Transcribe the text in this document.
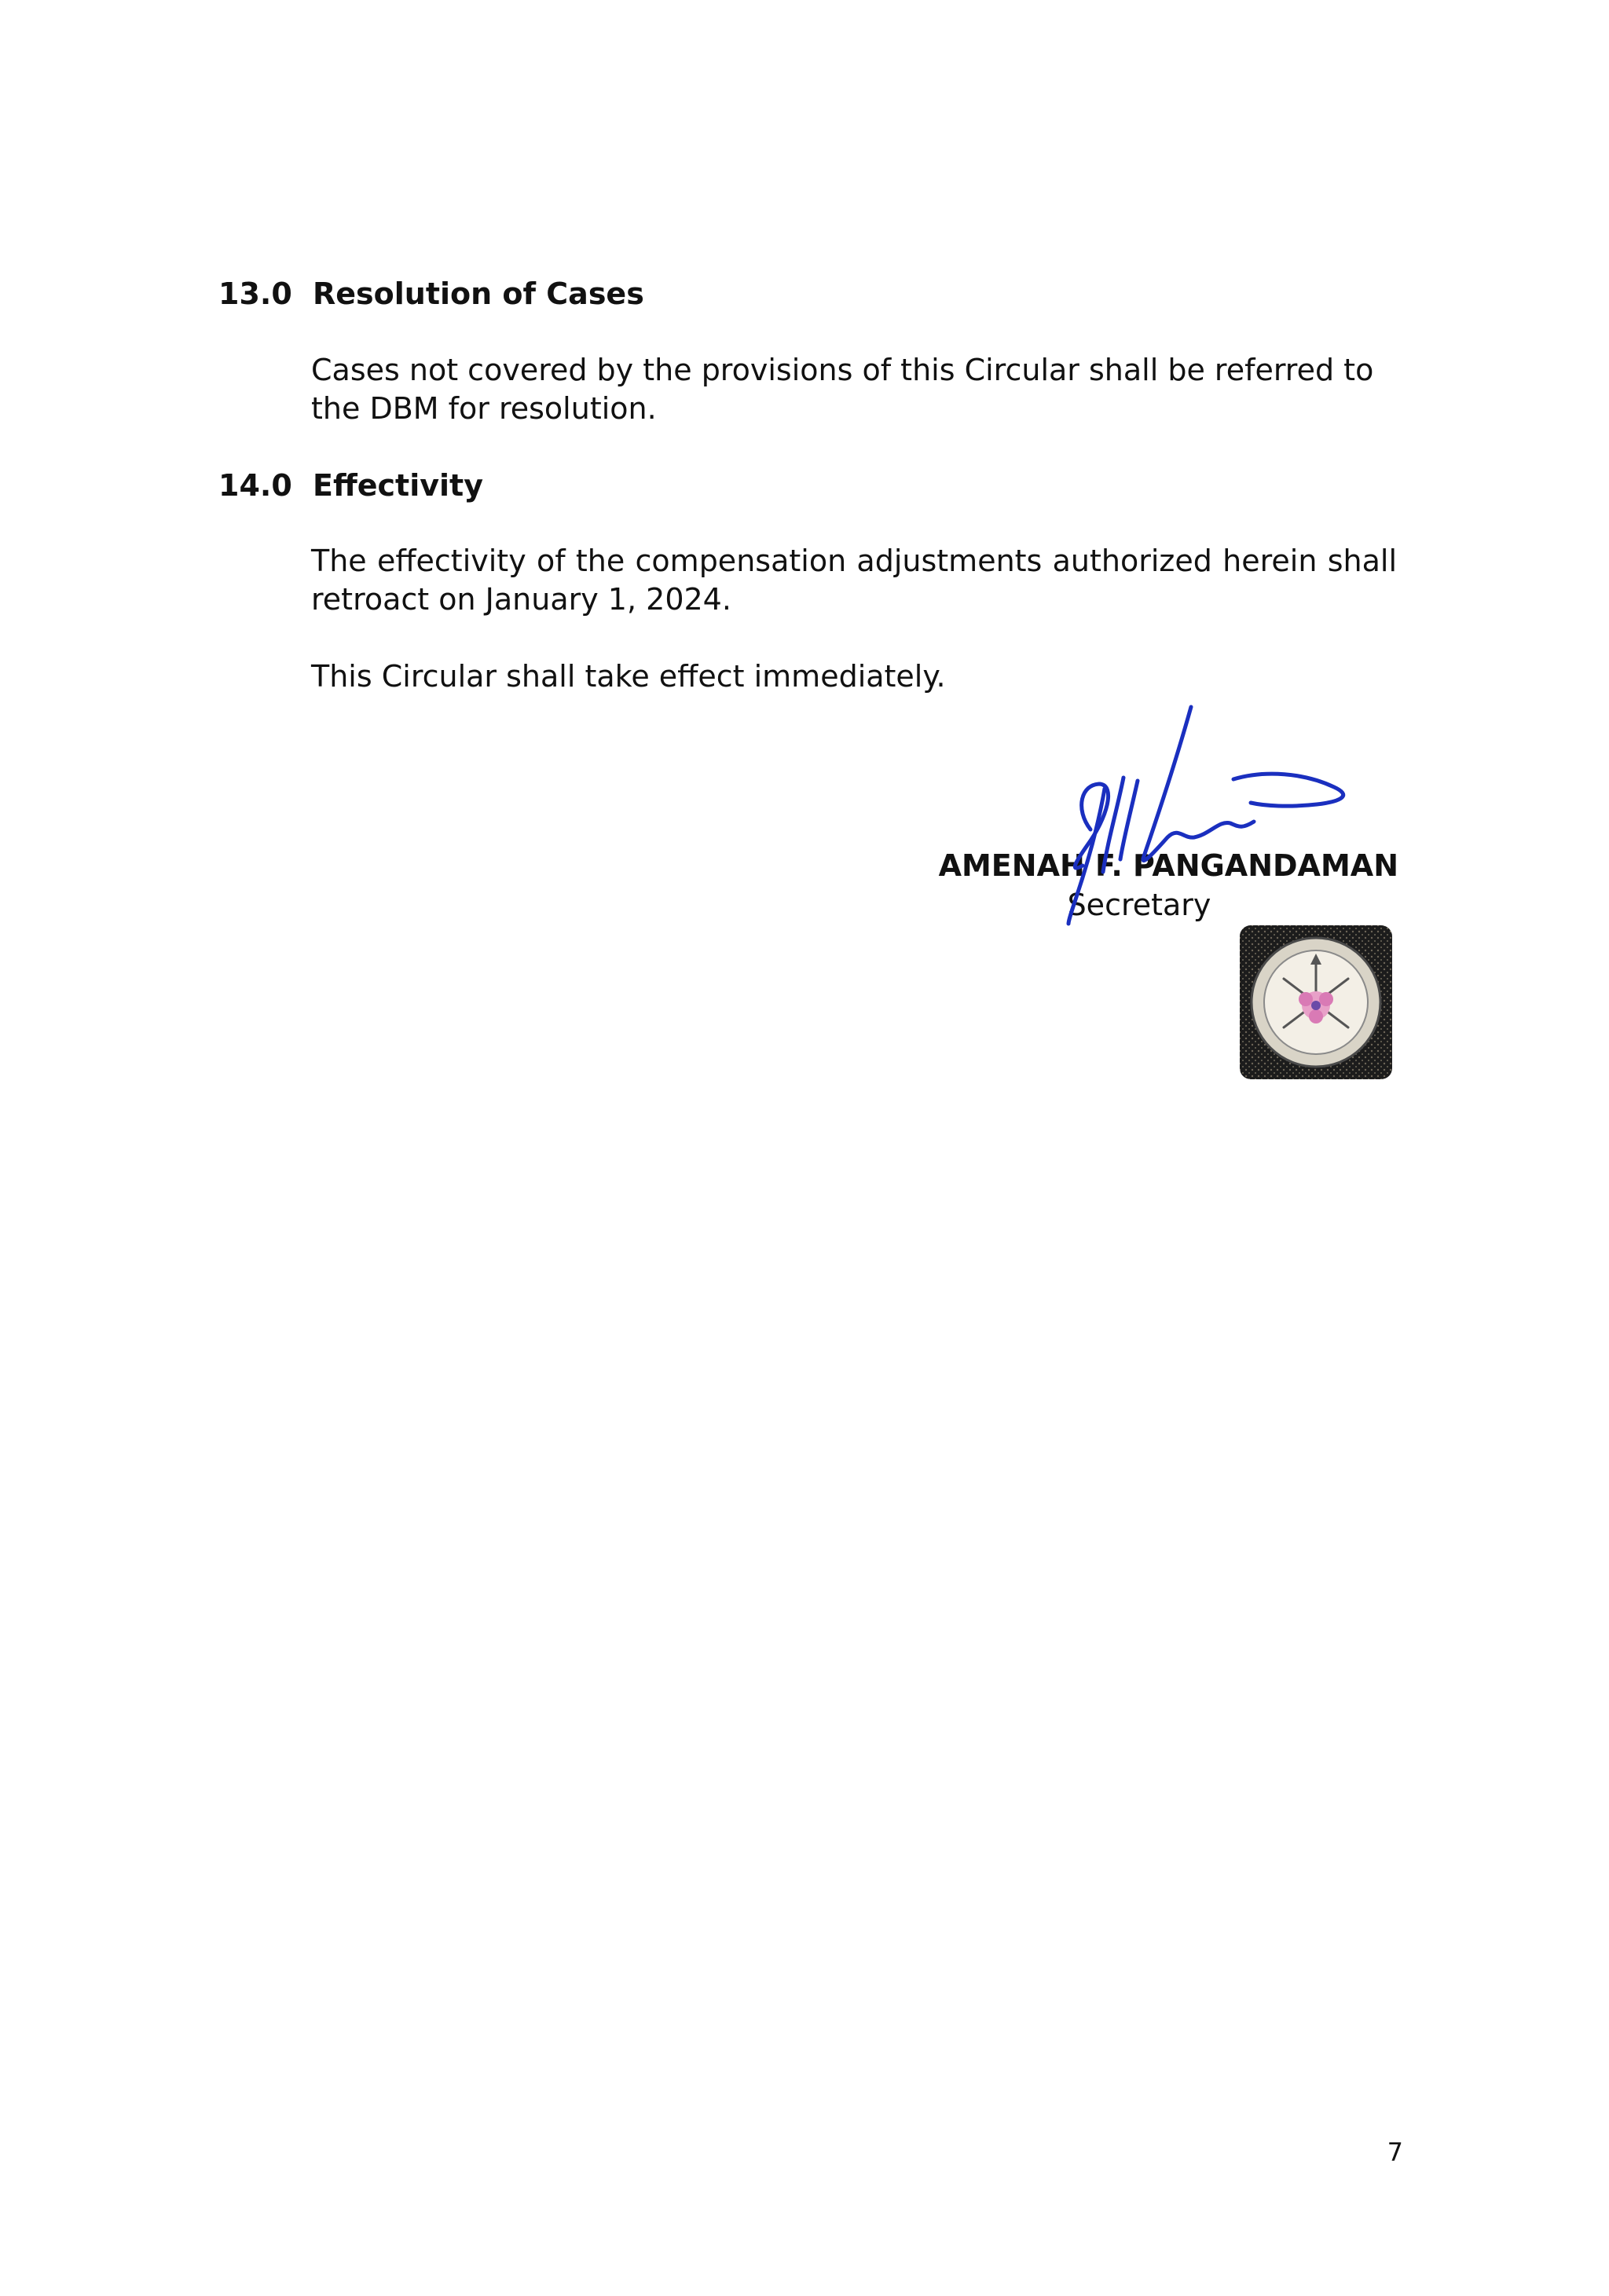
13.0 Resolution of Cases
Cases not covered by the provisions of this Circular shall be referred to the DBM for resolution.
14.0 Effectivity
The effectivity of the compensation adjustments authorized herein shall retroact on January 1, 2024.
This Circular shall take effect immediately.
AMENAH F. PANGANDAMAN
Secretary
7
